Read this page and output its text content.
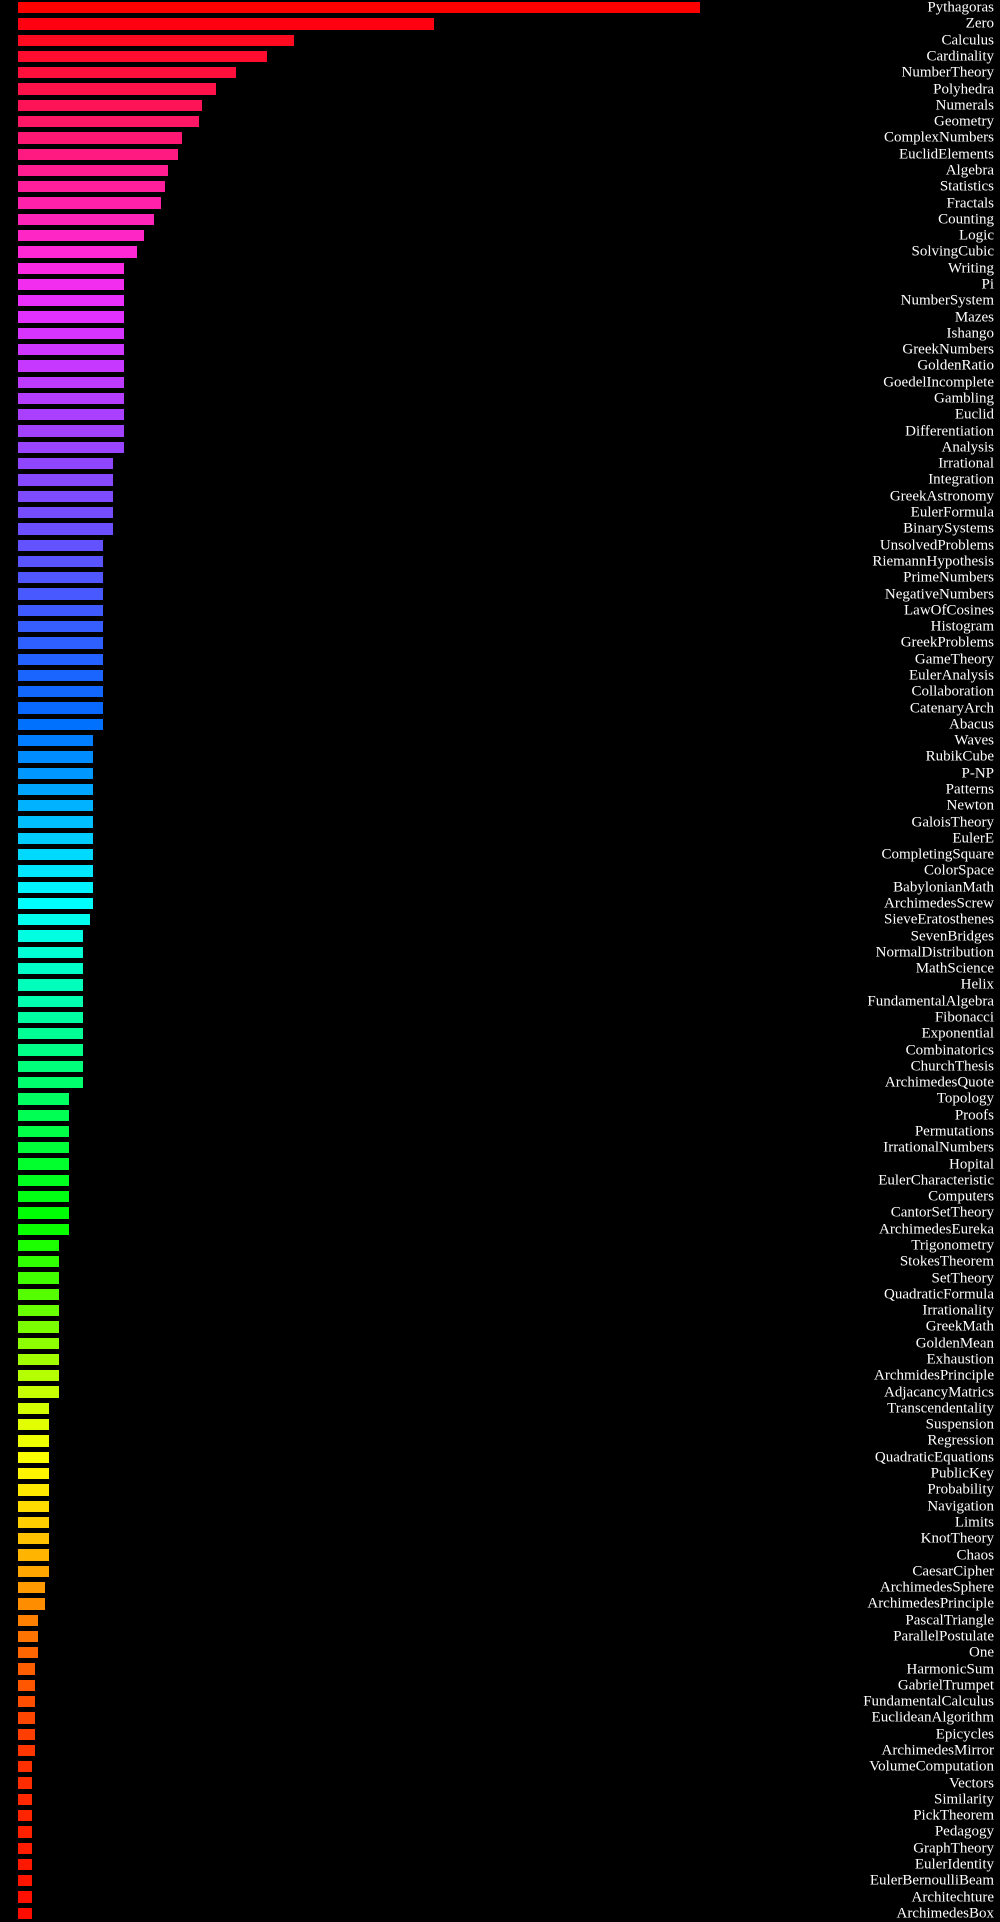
Pythagoras
Zero
Calculus
Cardinality
NumberTheory
Polyhedra
Numerals
Geometry
ComplexNumbers
EuclidElements
Algebra
Statistics
Fractals
Counting
Logic
SolvingCubic
Writing
Pi
NumberSystem
Mazes
Ishango
GreekNumbers
GoldenRatio
GoedelIncomplete
Gambling
Euclid
Differentiation
Analysis
Irrational
Integration
GreekAstronomy
EulerFormula
BinarySystems
UnsolvedProblems
RiemannHypothesis
PrimeNumbers
NegativeNumbers
LawOfCosines
Histogram
GreekProblems
GameTheory
EulerAnalysis
Collaboration
CatenaryArch
Abacus
Waves
RubikCube
P-NP
Patterns
Newton
GaloisTheory
EulerE
CompletingSquare
ColorSpace
BabylonianMath
ArchimedesScrew
SieveEratosthenes
SevenBridges
NormalDistribution
MathScience
Helix
FundamentalAlgebra
Fibonacci
Exponential
Combinatorics
ChurchThesis
ArchimedesQuote
Topology
Proofs
Permutations
IrrationalNumbers
Hopital
EulerCharacteristic
Computers
CantorSetTheory
ArchimedesEureka
Trigonometry
StokesTheorem
SetTheory
QuadraticFormula
Irrationality
GreekMath
GoldenMean
Exhaustion
ArchmidesPrinciple
AdjacancyMatrics
Transcendentality
Suspension
Regression
QuadraticEquations
PublicKey
Probability
Navigation
Limits
KnotTheory
Chaos
CaesarCipher
ArchimedesSphere
ArchimedesPrinciple
PascalTriangle
ParallelPostulate
One
HarmonicSum
GabrielTrumpet
FundamentalCalculus
EuclideanAlgorithm
Epicycles
ArchimedesMirror
VolumeComputation
Vectors
Similarity
PickTheorem
Pedagogy
GraphTheory
EulerIdentity
EulerBernoulliBeam
Architechture
ArchimedesBox
